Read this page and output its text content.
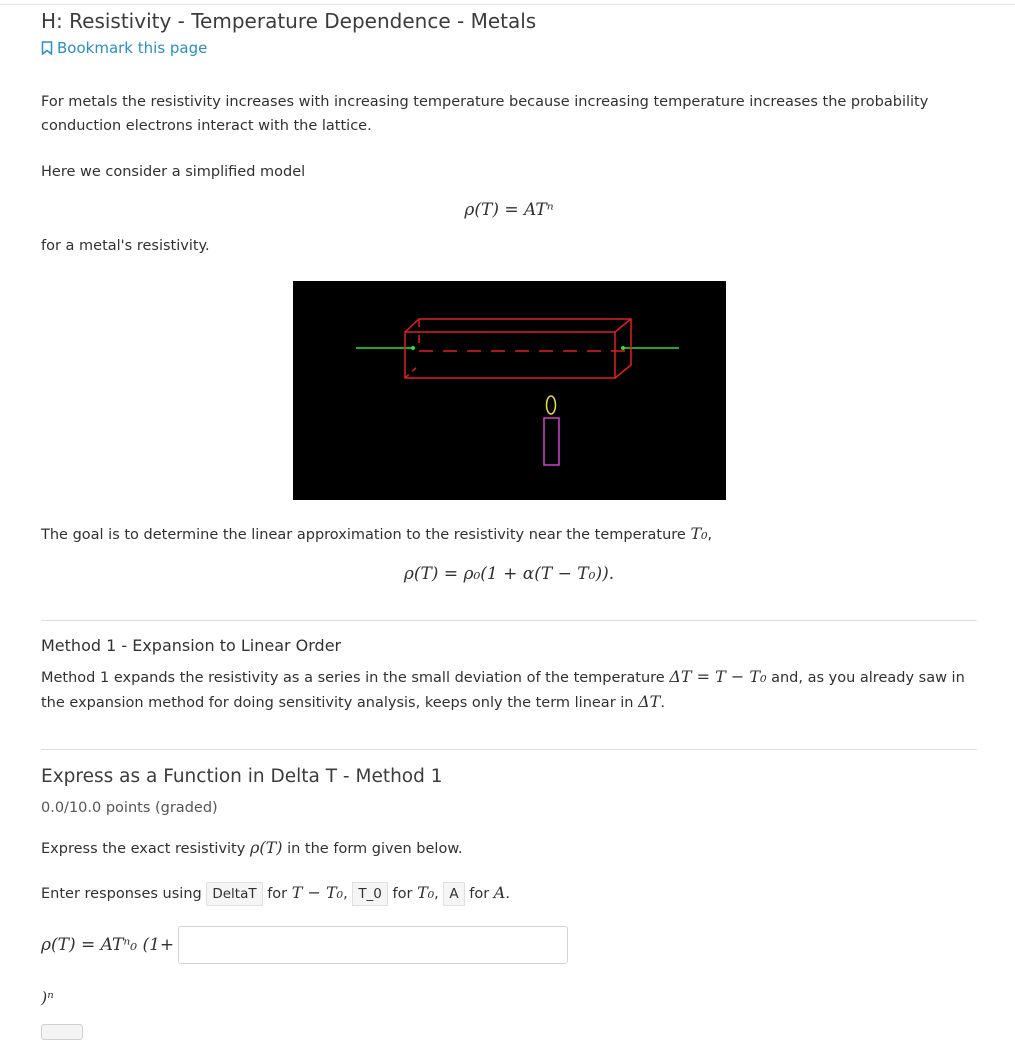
H: Resistivity - Temperature Dependence - Metals
Bookmark this page

For metals the resistivity increases with increasing temperature because increasing temperature increases the probability conduction electrons interact with the lattice.

Here we consider a simplified model

ρ(T) = ATⁿ

for a metal's resistivity.

The goal is to determine the linear approximation to the resistivity near the temperature T₀,

ρ(T) = ρ₀(1 + α(T − T₀)).
Method 1 - Expansion to Linear Order

Method 1 expands the resistivity as a series in the small deviation of the temperature ΔT = T − T₀ and, as you already saw in the expansion method for doing sensitivity analysis, keeps only the term linear in ΔT.

Express as a Function in Delta T - Method 1
0.0/10.0 points (graded)

Express the exact resistivity ρ(T) in the form given below.

Enter responses using DeltaT for T − T₀, T_0 for T₀, A for A.

ρ(T) = ATⁿ₀ (1+
)ⁿ
